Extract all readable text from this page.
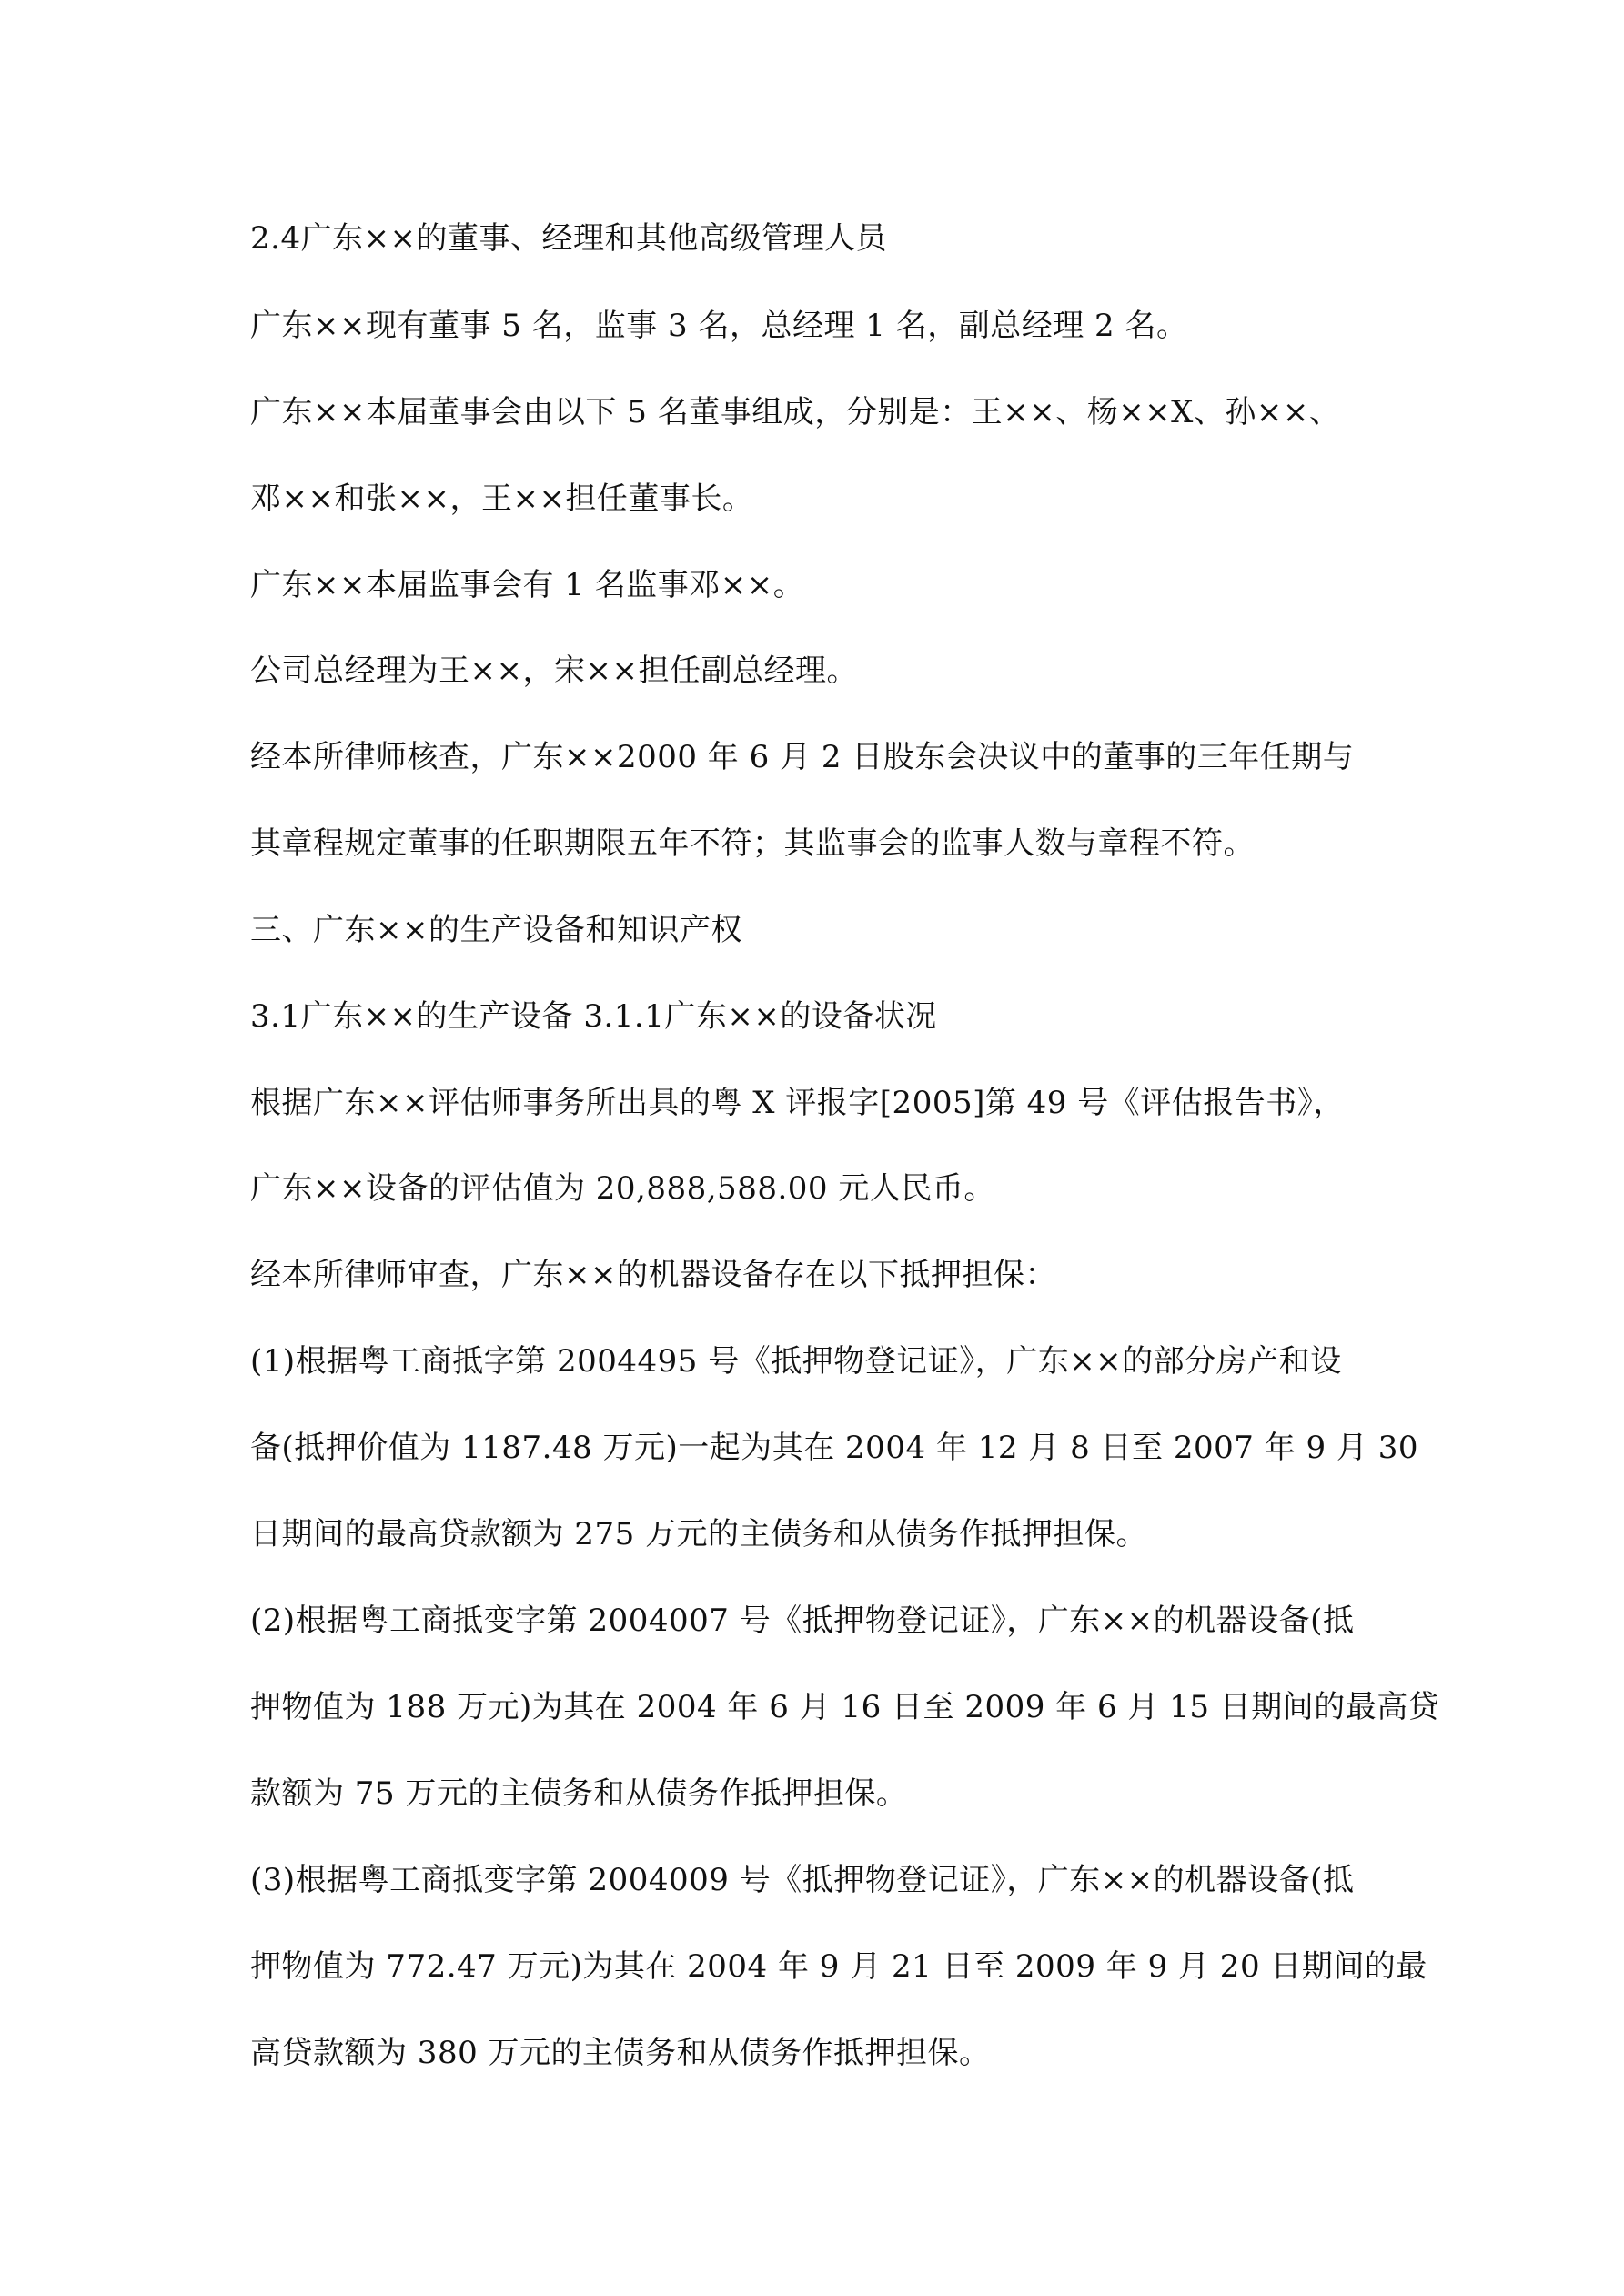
2.4广东××的董事、经理和其他高级管理人员
广东××现有董事 5 名，监事 3 名，总经理 1 名，副总经理 2 名。
广东××本届董事会由以下 5 名董事组成，分别是：王××、杨××X、孙××、
邓××和张××，王××担任董事长。
广东××本届监事会有 1 名监事邓××。
公司总经理为王××，宋××担任副总经理。
经本所律师核查，广东××2000 年 6 月 2 日股东会决议中的董事的三年任期与
其章程规定董事的任职期限五年不符；其监事会的监事人数与章程不符。
三、广东××的生产设备和知识产权
3.1广东××的生产设备 3.1.1广东××的设备状况
根据广东××评估师事务所出具的粤 X 评报字[2005]第 49 号《评估报告书》，
广东××设备的评估值为 20,888,588.00 元人民币。
经本所律师审查，广东××的机器设备存在以下抵押担保：
(1)根据粤工商抵字第 2004495 号《抵押物登记证》，广东××的部分房产和设
备(抵押价值为 1187.48 万元)一起为其在 2004 年 12 月 8 日至 2007 年 9 月 30
日期间的最高贷款额为 275 万元的主债务和从债务作抵押担保。
(2)根据粤工商抵变字第 2004007 号《抵押物登记证》，广东××的机器设备(抵
押物值为 188 万元)为其在 2004 年 6 月 16 日至 2009 年 6 月 15 日期间的最高贷
款额为 75 万元的主债务和从债务作抵押担保。
(3)根据粤工商抵变字第 2004009 号《抵押物登记证》，广东××的机器设备(抵
押物值为 772.47 万元)为其在 2004 年 9 月 21 日至 2009 年 9 月 20 日期间的最
高贷款额为 380 万元的主债务和从债务作抵押担保。
